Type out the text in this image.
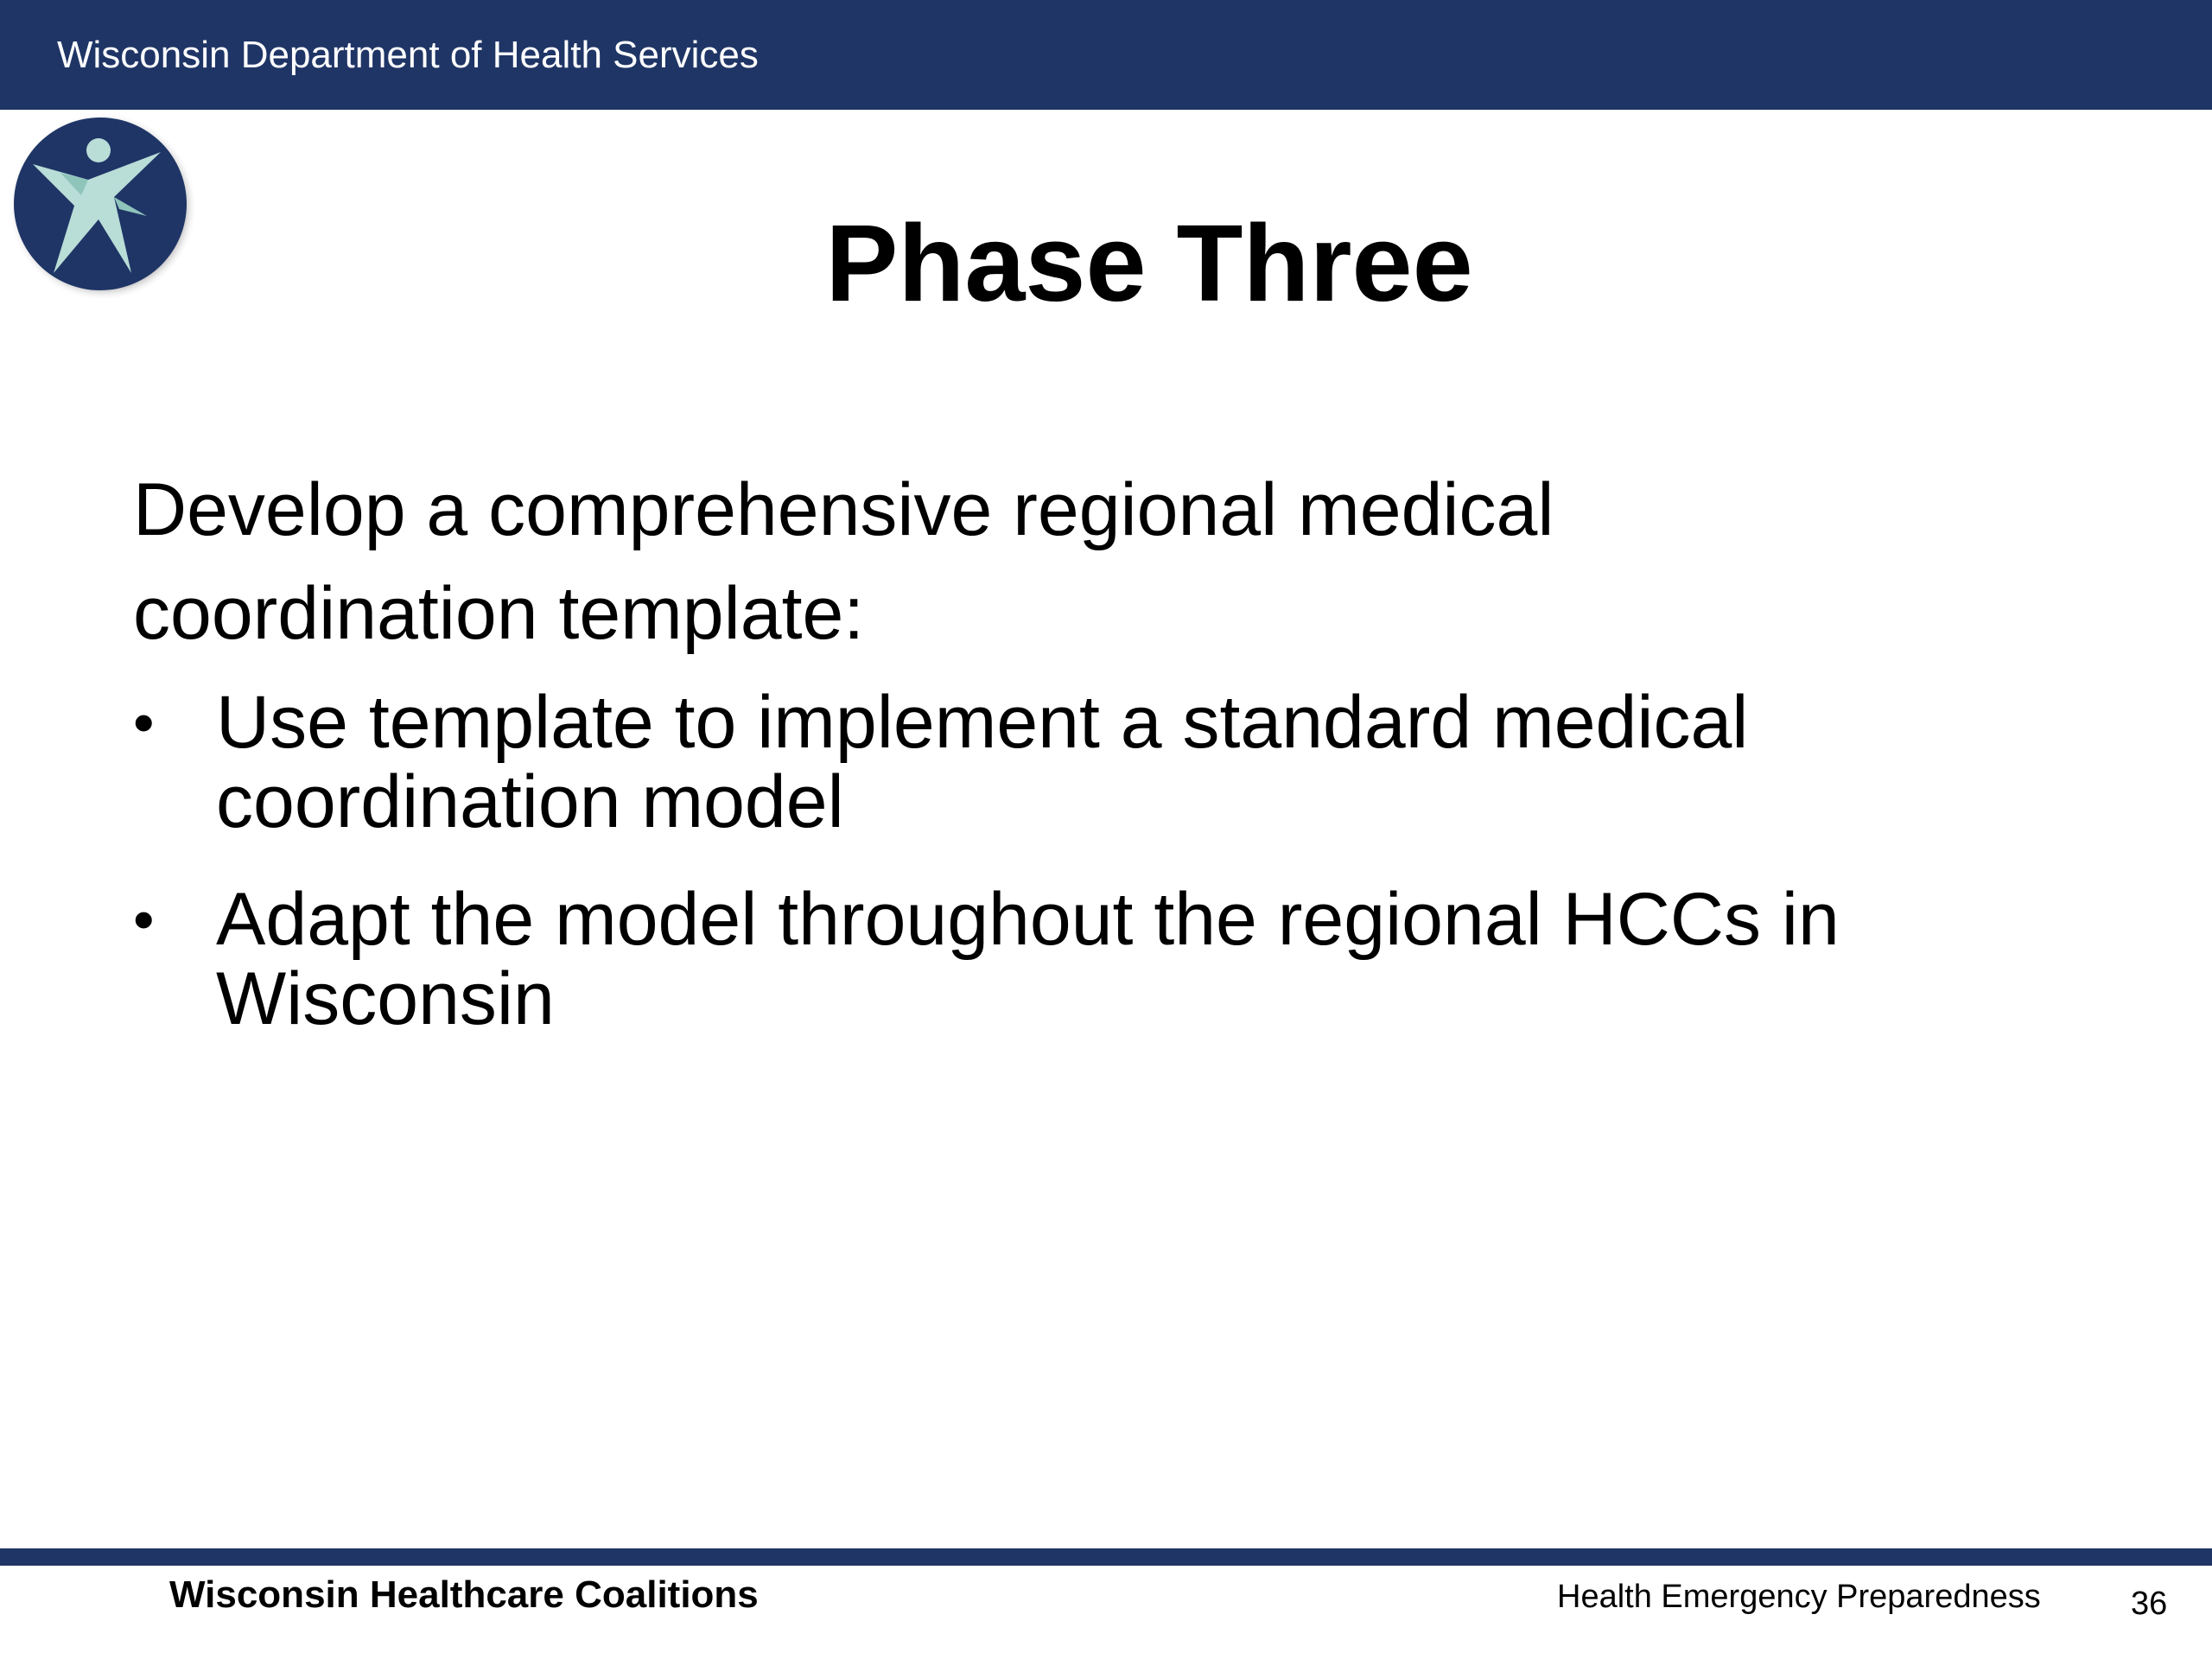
Wisconsin Department of Health Services
Phase Three
Develop a comprehensive regional medical coordination template:
• Use template to implement a standard medical
coordination model
• Adapt the model throughout the regional HCCs in
Wisconsin
Wisconsin Healthcare Coalitions	Health Emergency Preparedness	36
